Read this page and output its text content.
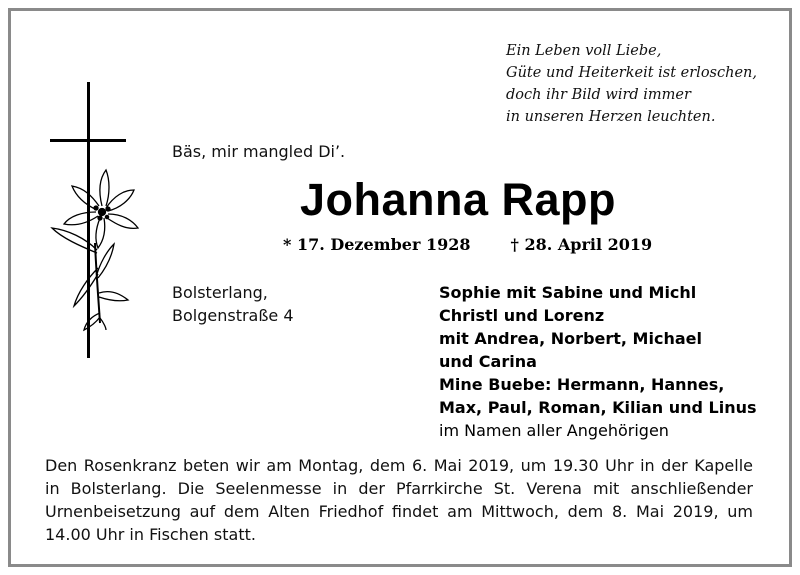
Ein Leben voll Liebe,
Güte und Heiterkeit ist erloschen,
doch ihr Bild wird immer
in unseren Herzen leuchten.
Bäs, mir mangled Di’.
Johanna Rapp
* 17. Dezember 1928	† 28. April 2019
Bolsterlang,
Bolgenstraße 4
Sophie mit Sabine und Michl
Christl und Lorenz
mit Andrea, Norbert, Michael
und Carina
Mine Buebe: Hermann, Hannes,
Max, Paul, Roman, Kilian und Linus
im Namen aller Angehörigen
Den Rosenkranz beten wir am Montag, dem 6. Mai 2019, um 19.30 Uhr in der Kapelle
in Bolsterlang. Die Seelenmesse in der Pfarrkirche St. Verena mit anschließender
Urnenbeisetzung auf dem Alten Friedhof findet am Mittwoch, dem 8. Mai 2019, um
14.00 Uhr in Fischen statt.
